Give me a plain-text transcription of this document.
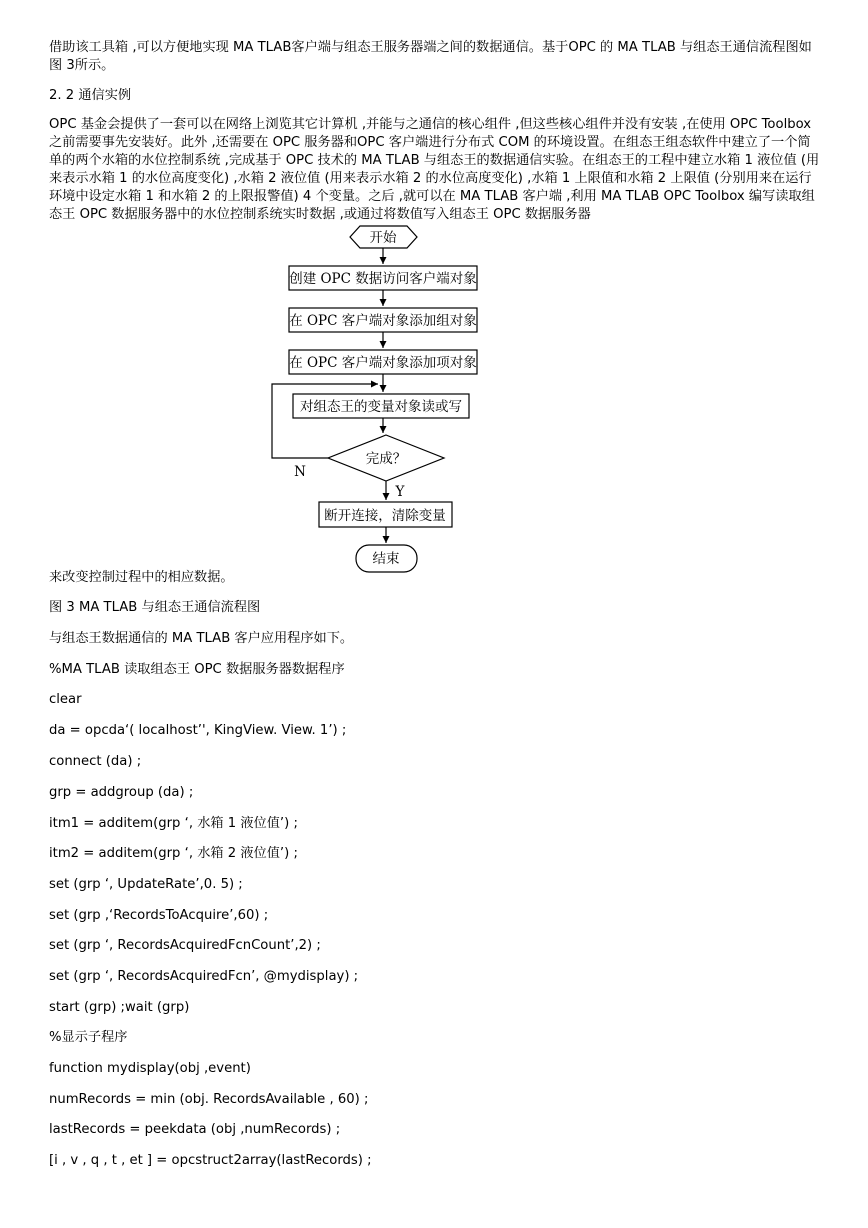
借助该工具箱 ,可以方便地实现 MA TLAB客户端与组态王服务器端之间的数据通信。基于OPC 的 MA TLAB 与组态王通信流程图如图 3所示。

2. 2 通信实例

OPC 基金会提供了一套可以在网络上浏览其它计算机 ,并能与之通信的核心组件 ,但这些核心组件并没有安装 ,在使用 OPC Toolbox 之前需要事先安装好。此外 ,还需要在 OPC 服务器和OPC 客户端进行分布式 COM 的环境设置。在组态王组态软件中建立了一个简单的两个水箱的水位控制系统 ,完成基于 OPC 技术的 MA TLAB 与组态王的数据通信实验。在组态王的工程中建立水箱 1 液位值 (用来表示水箱 1 的水位高度变化) ,水箱 2 液位值 (用来表示水箱 2 的水位高度变化) ,水箱 1 上限值和水箱 2 上限值 (分别用来在运行环境中设定水箱 1 和水箱 2 的上限报警值) 4 个变量。之后 ,就可以在 MA TLAB 客户端 ,利用 MA TLAB OPC Toolbox 编写读取组态王 OPC 数据服务器中的水位控制系统实时数据 ,或通过将数值写入组态王 OPC 数据服务器

开始
创建 OPC 数据访问客户端对象
在 OPC 客户端对象添加组对象
在 OPC 客户端对象添加项对象
对组态王的变量对象读或写
完成？
N
Y
断开连接，清除变量
结束

来改变控制过程中的相应数据。

图 3 MA TLAB 与组态王通信流程图

与组态王数据通信的 MA TLAB 客户应用程序如下。

%MA TLAB 读取组态王 OPC 数据服务器数据程序

clear

da = opcda‘( localhost’', KingView. View. 1’) ;

connect (da) ;

grp = addgroup (da) ;

itm1 = additem(grp ‘, 水箱 1 液位值’) ;

itm2 = additem(grp ‘, 水箱 2 液位值’) ;

set (grp ‘, UpdateRate’,0. 5) ;

set (grp ,‘RecordsToAcquire’,60) ;

set (grp ‘, RecordsAcquiredFcnCount’,2) ;

set (grp ‘, RecordsAcquiredFcn’, @mydisplay) ;

start (grp) ;wait (grp)

%显示子程序

function mydisplay(obj ,event)

numRecords = min (obj. RecordsAvailable , 60) ;

lastRecords = peekdata (obj ,numRecords) ;

[i , v , q , t , et ] = opcstruct2array(lastRecords) ;
